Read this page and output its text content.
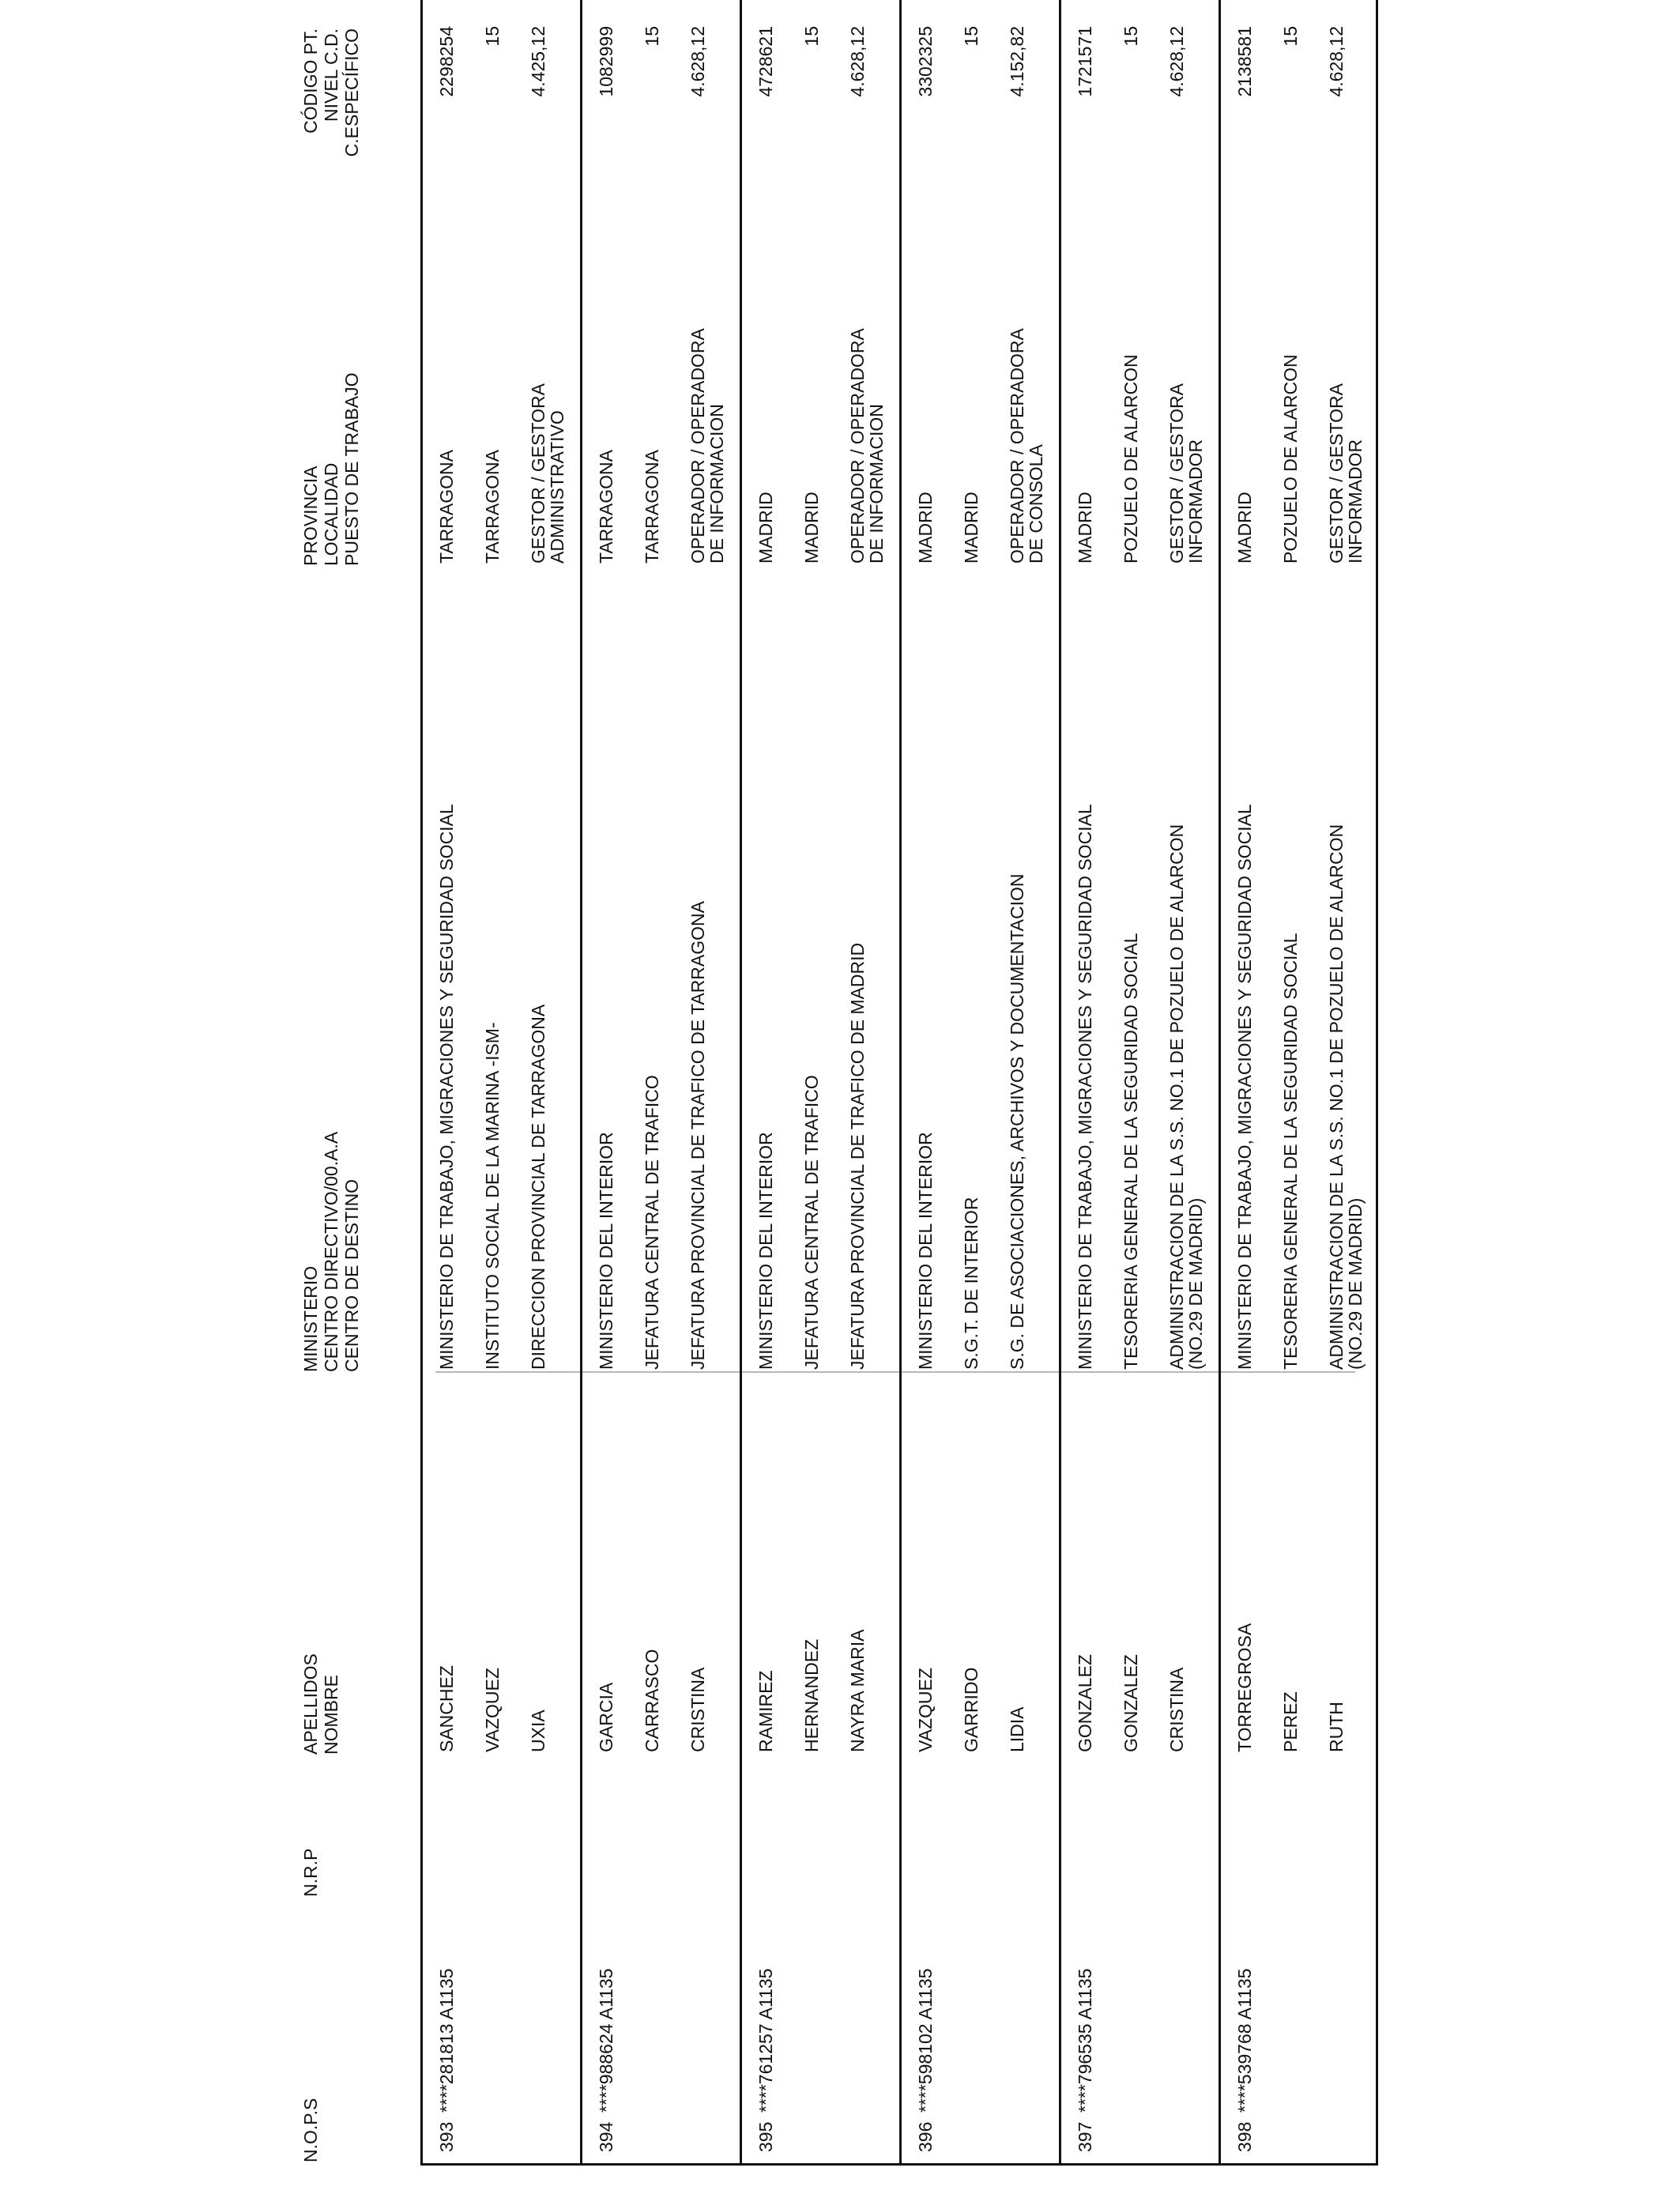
N.O.P.S
N.R.P
APELLIDOS NOMBRE
MINISTERIO CENTRO DIRECTIVO/00.A.A CENTRO DE DESTINO
PROVINCIA LOCALIDAD PUESTO DE TRABAJO
CÓDIGO PT. NIVEL C.D. C.ESPECÍFICO
393
****281813 A1135
SANCHEZ VAZQUEZ UXIA
MINISTERIO DE TRABAJO, MIGRACIONES Y SEGURIDAD SOCIAL INSTITUTO SOCIAL DE LA MARINA -ISM- DIRECCION PROVINCIAL DE TARRAGONA
TARRAGONA TARRAGONA GESTOR / GESTORA ADMINISTRATIVO
2298254 15 4.425,12
394
****988624 A1135
GARCIA CARRASCO CRISTINA
MINISTERIO DEL INTERIOR JEFATURA CENTRAL DE TRAFICO JEFATURA PROVINCIAL DE TRAFICO DE TARRAGONA
TARRAGONA TARRAGONA OPERADOR / OPERADORA DE INFORMACION
1082999 15 4.628,12
395
****761257 A1135
RAMIREZ HERNANDEZ NAYRA MARIA
MINISTERIO DEL INTERIOR JEFATURA CENTRAL DE TRAFICO JEFATURA PROVINCIAL DE TRAFICO DE MADRID
MADRID MADRID OPERADOR / OPERADORA DE INFORMACION
4728621 15 4.628,12
396
****598102 A1135
VAZQUEZ GARRIDO LIDIA
MINISTERIO DEL INTERIOR S.G.T. DE INTERIOR S.G. DE ASOCIACIONES, ARCHIVOS Y DOCUMENTACION
MADRID MADRID OPERADOR / OPERADORA DE CONSOLA
3302325 15 4.152,82
397
****796535 A1135
GONZALEZ GONZALEZ CRISTINA
MINISTERIO DE TRABAJO, MIGRACIONES Y SEGURIDAD SOCIAL TESORERIA GENERAL DE LA SEGURIDAD SOCIAL ADMINISTRACION DE LA S.S. NO.1 DE POZUELO DE ALARCON (NO.29 DE MADRID)
MADRID POZUELO DE ALARCON GESTOR / GESTORA INFORMADOR
1721571 15 4.628,12
398
****539768 A1135
TORREGROSA PEREZ RUTH
MINISTERIO DE TRABAJO, MIGRACIONES Y SEGURIDAD SOCIAL TESORERIA GENERAL DE LA SEGURIDAD SOCIAL ADMINISTRACION DE LA S.S. NO.1 DE POZUELO DE ALARCON (NO.29 DE MADRID)
MADRID POZUELO DE ALARCON GESTOR / GESTORA INFORMADOR
2138581 15 4.628,12
